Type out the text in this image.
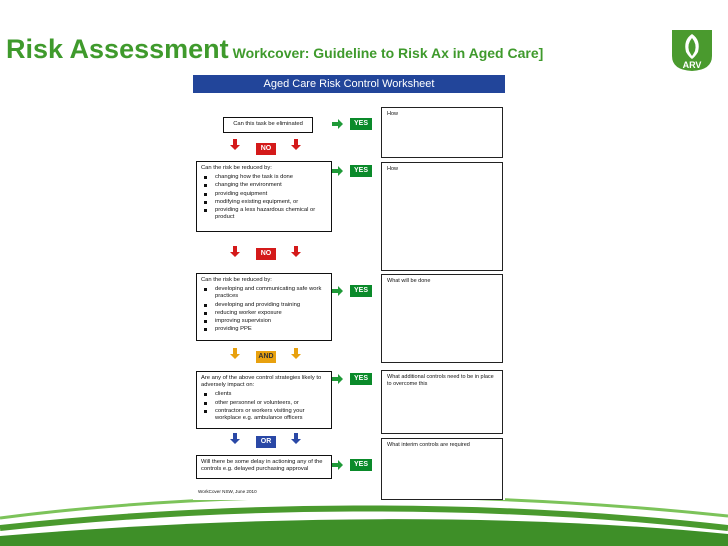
Risk Assessment Workcover: Guideline to Risk Ax in Aged Care]
ARV
Aged Care Risk Control Worksheet
Can this task be eliminated	YES
NO
Can the risk be reduced by:
changing how the task is done
changing the environment
providing equipment
modifying existing equipment, or
providing a less hazardous chemical or product
YES
NO
Can the risk be reduced by:
developing and communicating safe work practices
developing and providing training
reducing worker exposure
improving supervision
providing PPE
YES
AND
Are any of the above control strategies likely to adversely impact on:
clients
other personnel or volunteers, or
contractors or workers visiting your workplace e.g. ambulance officers
YES
OR
Will there be some delay in actioning any of the controls e.g. delayed purchasing approval
YES
How
How
What will be done
What additional controls need to be in place to overcome this
What interim controls are required
WorkCover NSW, June 2010
